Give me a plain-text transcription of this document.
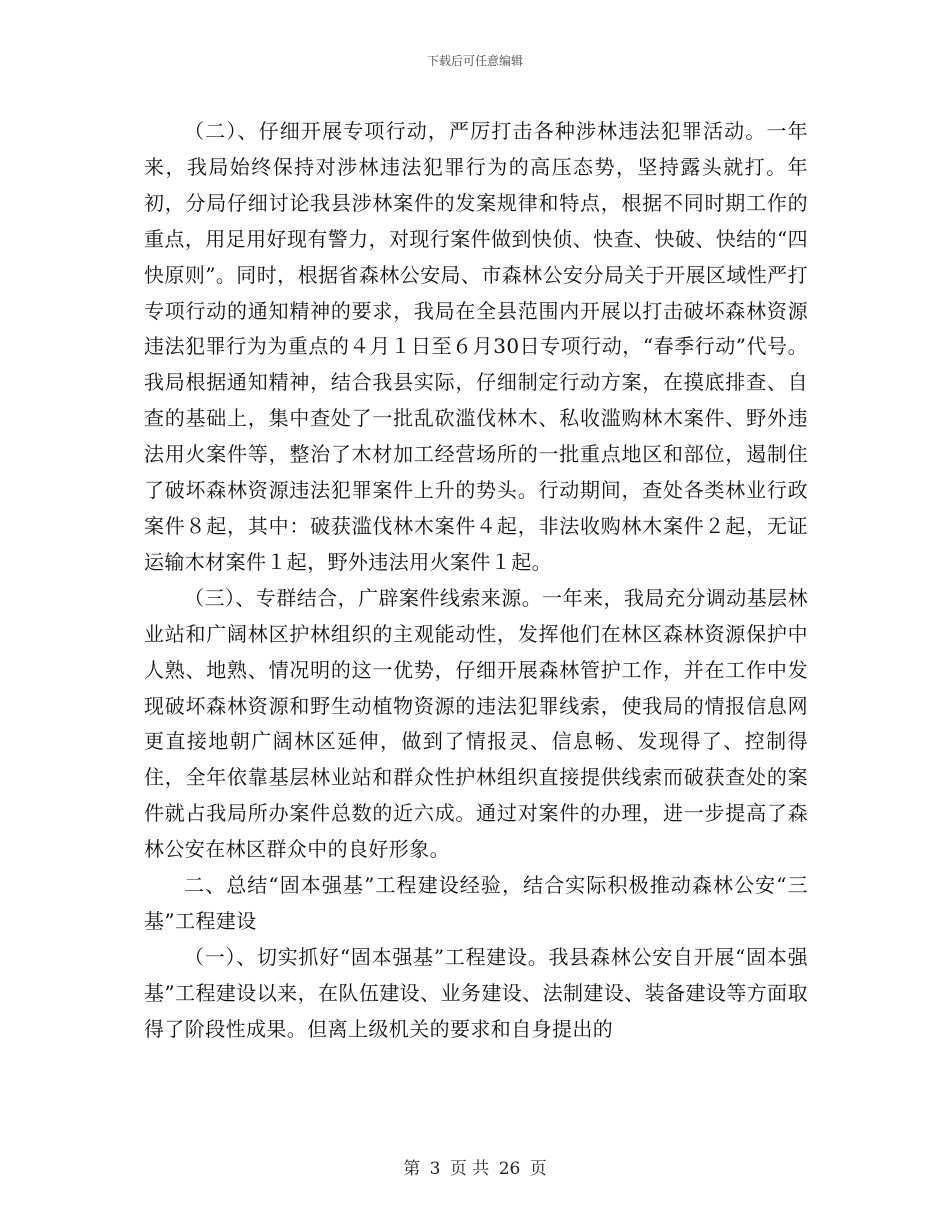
下载后可任意编辑

（二）、仔细开展专项行动，严厉打击各种涉林违法犯罪活动。一年来，我局始终保持对涉林违法犯罪行为的高压态势，坚持露头就打。年初，分局仔细讨论我县涉林案件的发案规律和特点，根据不同时期工作的重点，用足用好现有警力，对现行案件做到快侦、快查、快破、快结的“四快原则”。同时，根据省森林公安局、市森林公安分局关于开展区域性严打专项行动的通知精神的要求，我局在全县范围内开展以打击破坏森林资源违法犯罪行为为重点的４月１日至６月30日专项行动，“春季行动”代号。我局根据通知精神，结合我县实际，仔细制定行动方案，在摸底排查、自查的基础上，集中查处了一批乱砍滥伐林木、私收滥购林木案件、野外违法用火案件等，整治了木材加工经营场所的一批重点地区和部位，遏制住了破坏森林资源违法犯罪案件上升的势头。行动期间，查处各类林业行政案件８起，其中：破获滥伐林木案件４起，非法收购林木案件２起，无证运输木材案件１起，野外违法用火案件１起。

（三）、专群结合，广辟案件线索来源。一年来，我局充分调动基层林业站和广阔林区护林组织的主观能动性，发挥他们在林区森林资源保护中人熟、地熟、情况明的这一优势，仔细开展森林管护工作，并在工作中发现破坏森林资源和野生动植物资源的违法犯罪线索，使我局的情报信息网更直接地朝广阔林区延伸，做到了情报灵、信息畅、发现得了、控制得住，全年依靠基层林业站和群众性护林组织直接提供线索而破获查处的案件就占我局所办案件总数的近六成。通过对案件的办理，进一步提高了森林公安在林区群众中的良好形象。

二、总结“固本强基”工程建设经验，结合实际积极推动森林公安“三基”工程建设

（一）、切实抓好“固本强基”工程建设。我县森林公安自开展“固本强基”工程建设以来，在队伍建设、业务建设、法制建设、装备建设等方面取得了阶段性成果。但离上级机关的要求和自身提出的

第 3 页 共 26 页
